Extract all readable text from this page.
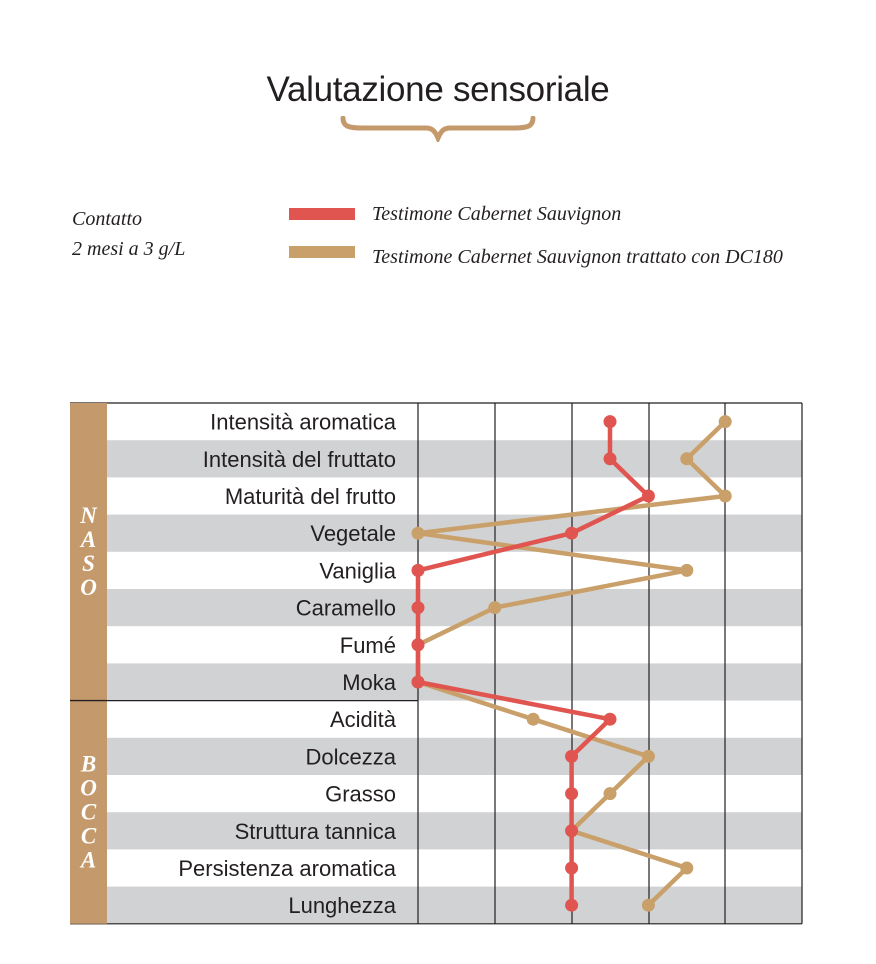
Valutazione sensoriale
Contatto
2 mesi a 3 g/L
Testimone Cabernet Sauvignon
Testimone Cabernet Sauvignon trattato con DC180
N
A
S
O
B
O
C
C
A
Intensità aromatica
Intensità del fruttato
Maturità del frutto
Vegetale
Vaniglia
Caramello
Fumé
Moka
Acidità
Dolcezza
Grasso
Struttura tannica
Persistenza aromatica
Lunghezza
